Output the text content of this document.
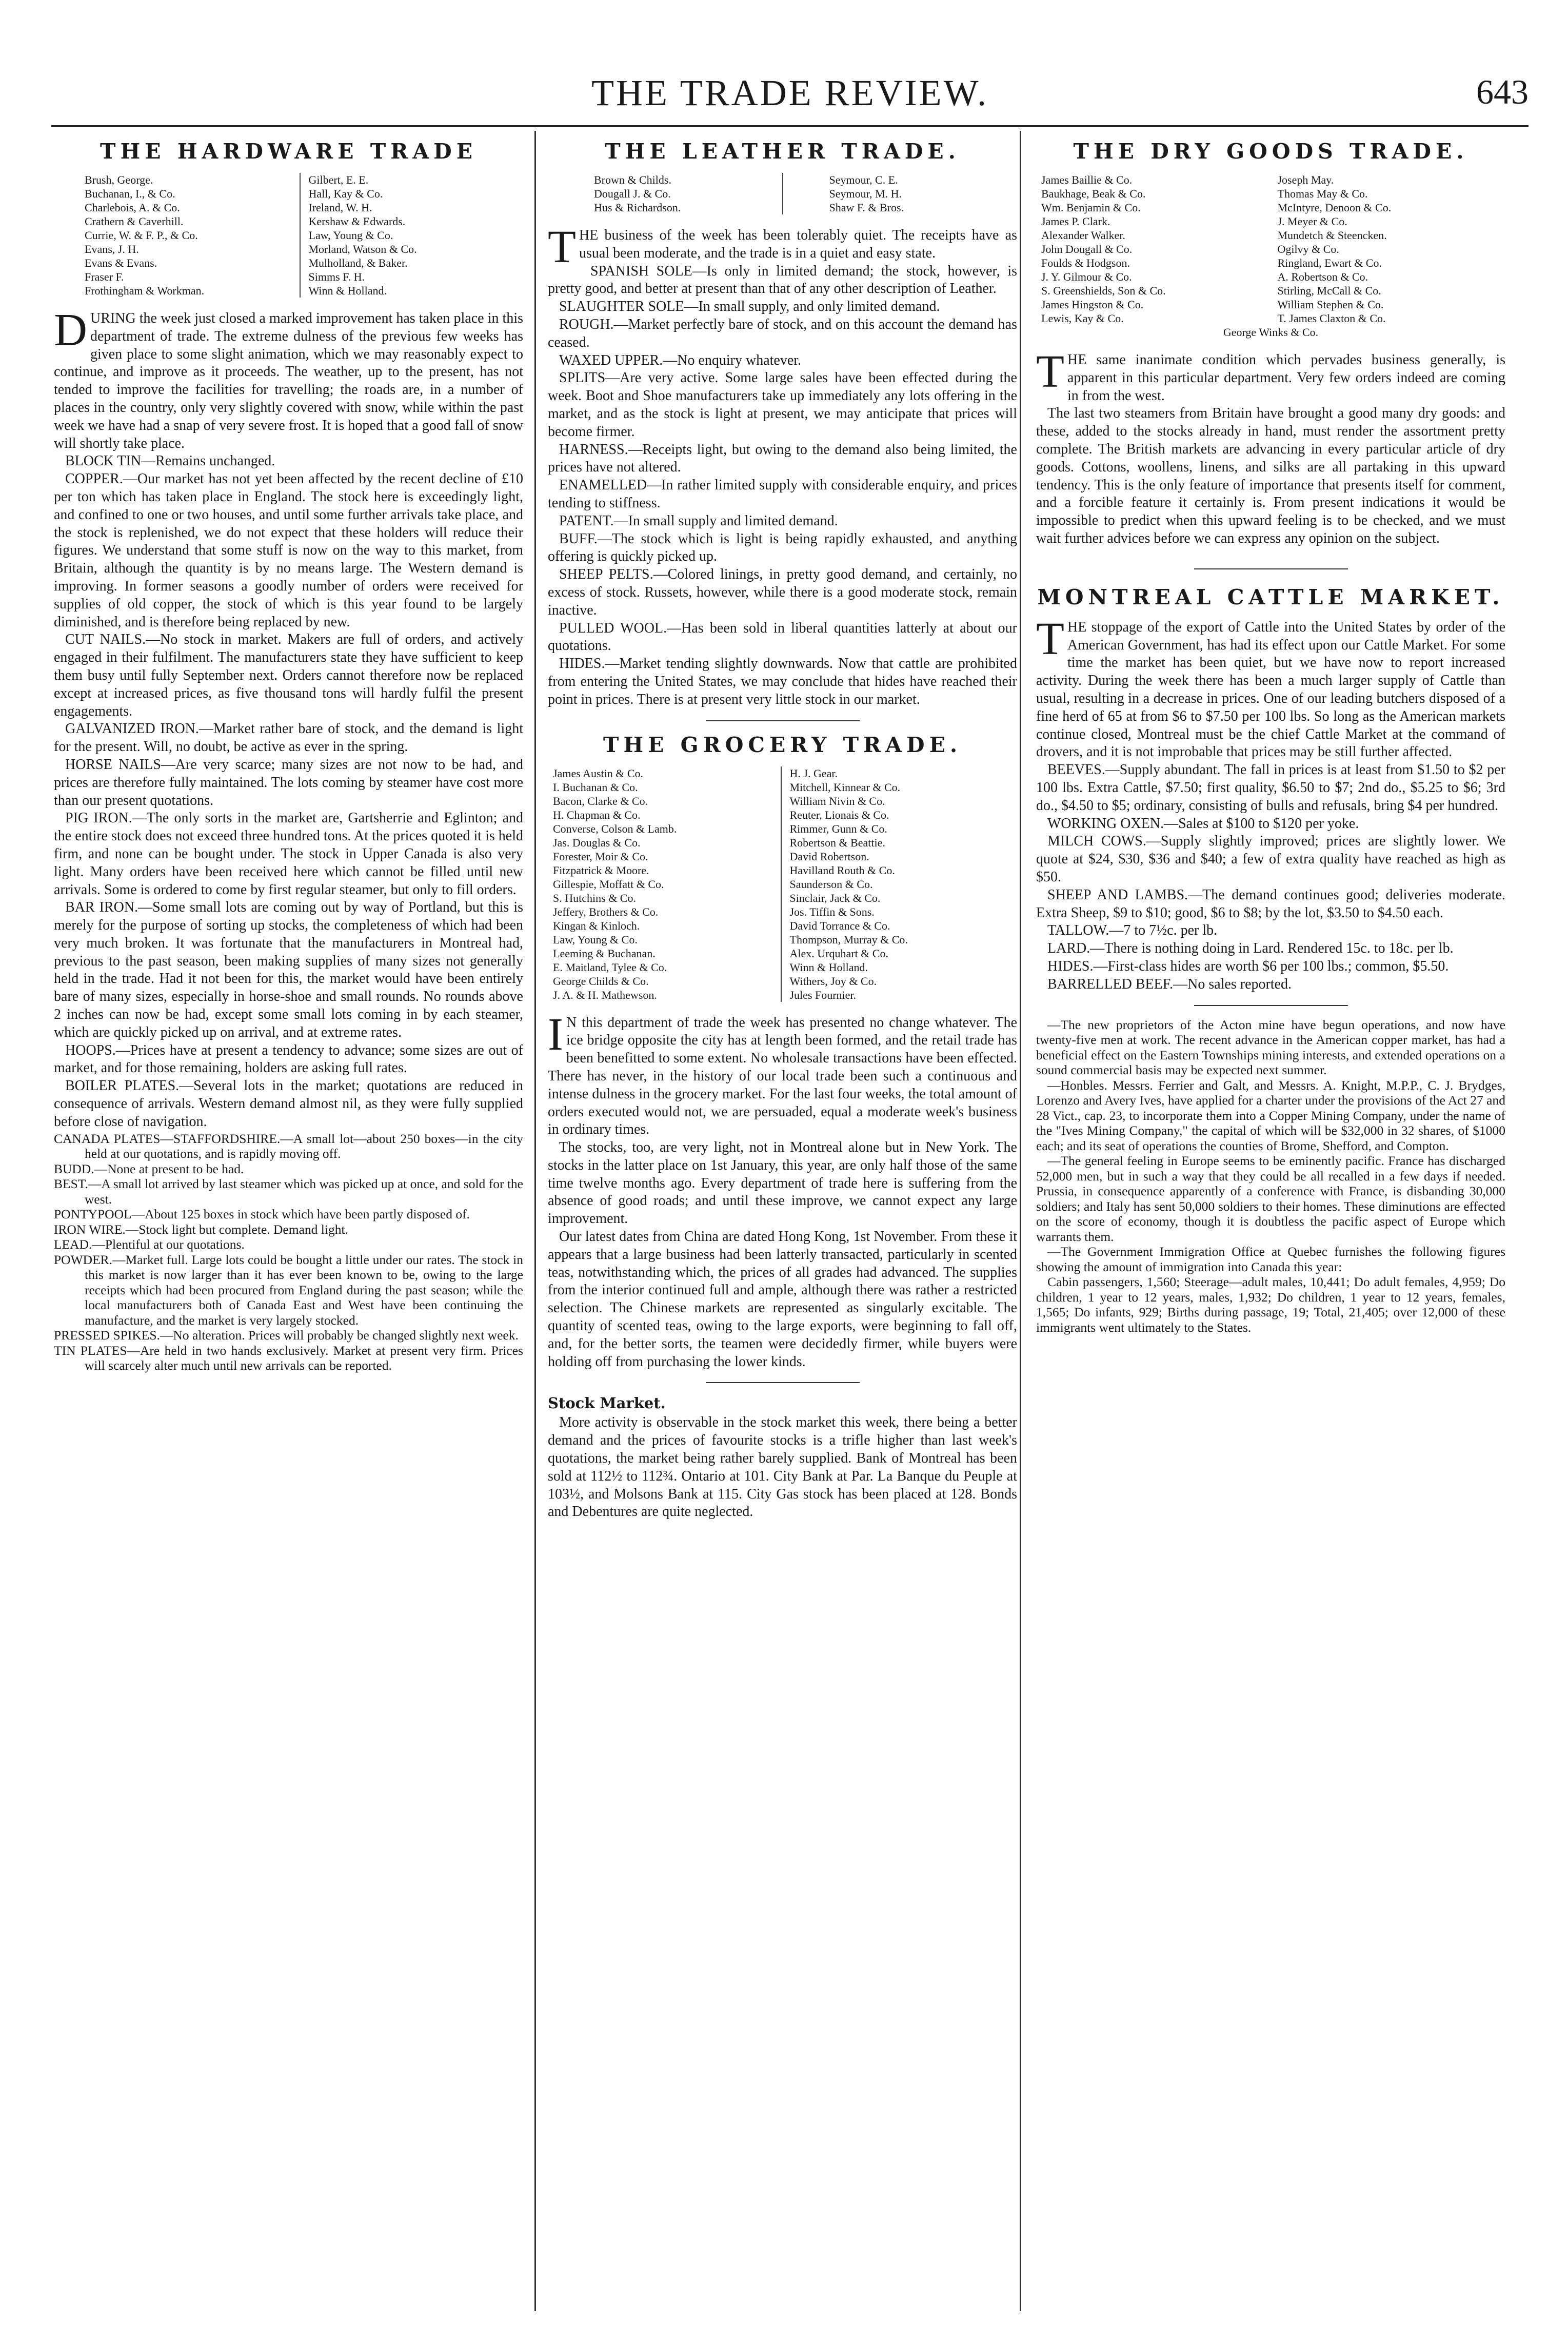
THE TRADE REVIEW.	643
THE HARDWARE TRADE
Brush, George.
Buchanan, I., & Co.
Charlebois, A. & Co.
Crathern & Caverhill.
Currie, W. & F. P., & Co.
Evans, J. H.
Evans & Evans.
Fraser F.
Frothingham & Workman.
Gilbert, E. E.
Hall, Kay & Co.
Ireland, W. H.
Kershaw & Edwards.
Law, Young & Co.
Morland, Watson & Co.
Mulholland, & Baker.
Simms F. H.
Winn & Holland.

DURING the week just closed a marked improvement has taken place in this department of trade. The extreme dulness of the previous few weeks has given place to some slight animation, which we may reasonably expect to continue, and improve as it proceeds. The weather, up to the present, has not tended to improve the facilities for travelling; the roads are, in a number of places in the country, only very slightly covered with snow, while within the past week we have had a snap of very severe frost. It is hoped that a good fall of snow will shortly take place.

BLOCK TIN—Remains unchanged.

COPPER.—Our market has not yet been affected by the recent decline of £10 per ton which has taken place in England. The stock here is exceedingly light, and confined to one or two houses, and until some further arrivals take place, and the stock is replenished, we do not expect that these holders will reduce their figures. We understand that some stuff is now on the way to this market, from Britain, although the quantity is by no means large. The Western demand is improving. In former seasons a goodly number of orders were received for supplies of old copper, the stock of which is this year found to be largely diminished, and is therefore being replaced by new.

CUT NAILS.—No stock in market. Makers are full of orders, and actively engaged in their fulfilment. The manufacturers state they have sufficient to keep them busy until fully September next. Orders cannot therefore now be replaced except at increased prices, as five thousand tons will hardly fulfil the present engagements.

GALVANIZED IRON.—Market rather bare of stock, and the demand is light for the present. Will, no doubt, be active as ever in the spring.

HORSE NAILS—Are very scarce; many sizes are not now to be had, and prices are therefore fully maintained. The lots coming by steamer have cost more than our present quotations.

PIG IRON.—The only sorts in the market are, Gartsherrie and Eglinton; and the entire stock does not exceed three hundred tons. At the prices quoted it is held firm, and none can be bought under. The stock in Upper Canada is also very light. Many orders have been received here which cannot be filled until new arrivals. Some is ordered to come by first regular steamer, but only to fill orders.

BAR IRON.—Some small lots are coming out by way of Portland, but this is merely for the purpose of sorting up stocks, the completeness of which had been very much broken. It was fortunate that the manufacturers in Montreal had, previous to the past season, been making supplies of many sizes not generally held in the trade. Had it not been for this, the market would have been entirely bare of many sizes, especially in horse-shoe and small rounds. No rounds above 2 inches can now be had, except some small lots coming in by each steamer, which are quickly picked up on arrival, and at extreme rates.

HOOPS.—Prices have at present a tendency to advance; some sizes are out of market, and for those remaining, holders are asking full rates.

BOILER PLATES.—Several lots in the market; quotations are reduced in consequence of arrivals. Western demand almost nil, as they were fully supplied before close of navigation.

CANADA PLATES—STAFFORDSHIRE.—A small lot—about 250 boxes—in the city held at our quotations, and is rapidly moving off.

BUDD.—None at present to be had.

BEST.—A small lot arrived by last steamer which was picked up at once, and sold for the west.

PONTYPOOL—About 125 boxes in stock which have been partly disposed of.

IRON WIRE.—Stock light but complete. Demand light.

LEAD.—Plentiful at our quotations.

POWDER.—Market full. Large lots could be bought a little under our rates. The stock in this market is now larger than it has ever been known to be, owing to the large receipts which had been procured from England during the past season; while the local manufacturers both of Canada East and West have been continuing the manufacture, and the market is very largely stocked.

PRESSED SPIKES.—No alteration. Prices will probably be changed slightly next week.

TIN PLATES—Are held in two hands exclusively. Market at present very firm. Prices will scarcely alter much until new arrivals can be reported.

THE LEATHER TRADE.
Brown & Childs.
Dougall J. & Co.
Hus & Richardson.
Seymour, C. E.
Seymour, M. H.
Shaw F. & Bros.

THE business of the week has been tolerably quiet. The receipts have as usual been moderate, and the trade is in a quiet and easy state.

SPANISH SOLE—Is only in limited demand; the stock, however, is pretty good, and better at present than that of any other description of Leather.

SLAUGHTER SOLE—In small supply, and only limited demand.

ROUGH.—Market perfectly bare of stock, and on this account the demand has ceased.

WAXED UPPER.—No enquiry whatever.

SPLITS—Are very active. Some large sales have been effected during the week. Boot and Shoe manufacturers take up immediately any lots offering in the market, and as the stock is light at present, we may anticipate that prices will become firmer.

HARNESS.—Receipts light, but owing to the demand also being limited, the prices have not altered.

ENAMELLED—In rather limited supply with considerable enquiry, and prices tending to stiffness.

PATENT.—In small supply and limited demand.

BUFF.—The stock which is light is being rapidly exhausted, and anything offering is quickly picked up.

SHEEP PELTS.—Colored linings, in pretty good demand, and certainly, no excess of stock. Russets, however, while there is a good moderate stock, remain inactive.

PULLED WOOL.—Has been sold in liberal quantities latterly at about our quotations.

HIDES.—Market tending slightly downwards. Now that cattle are prohibited from entering the United States, we may conclude that hides have reached their point in prices. There is at present very little stock in our market.

THE GROCERY TRADE.
James Austin & Co.
I. Buchanan & Co.
Bacon, Clarke & Co.
H. Chapman & Co.
Converse, Colson & Lamb.
Jas. Douglas & Co.
Forester, Moir & Co.
Fitzpatrick & Moore.
Gillespie, Moffatt & Co.
S. Hutchins & Co.
Jeffery, Brothers & Co.
Kingan & Kinloch.
Law, Young & Co.
Leeming & Buchanan.
E. Maitland, Tylee & Co.
George Childs & Co.
J. A. & H. Mathewson.
H. J. Gear.
Mitchell, Kinnear & Co.
William Nivin & Co.
Reuter, Lionais & Co.
Rimmer, Gunn & Co.
Robertson & Beattie.
David Robertson.
Havilland Routh & Co.
Saunderson & Co.
Sinclair, Jack & Co.
Jos. Tiffin & Sons.
David Torrance & Co.
Thompson, Murray & Co.
Alex. Urquhart & Co.
Winn & Holland.
Withers, Joy & Co.
Jules Fournier.

IN this department of trade the week has presented no change whatever. The ice bridge opposite the city has at length been formed, and the retail trade has been benefitted to some extent. No wholesale transactions have been effected. There has never, in the history of our local trade been such a continuous and intense dulness in the grocery market. For the last four weeks, the total amount of orders executed would not, we are persuaded, equal a moderate week's business in ordinary times.

The stocks, too, are very light, not in Montreal alone but in New York. The stocks in the latter place on 1st January, this year, are only half those of the same time twelve months ago. Every department of trade here is suffering from the absence of good roads; and until these improve, we cannot expect any large improvement.

Our latest dates from China are dated Hong Kong, 1st November. From these it appears that a large business had been latterly transacted, particularly in scented teas, notwithstanding which, the prices of all grades had advanced. The supplies from the interior continued full and ample, although there was rather a restricted selection. The Chinese markets are represented as singularly excitable. The quantity of scented teas, owing to the large exports, were beginning to fall off, and, for the better sorts, the teamen were decidedly firmer, while buyers were holding off from purchasing the lower kinds.

Stock Market.

More activity is observable in the stock market this week, there being a better demand and the prices of favourite stocks is a trifle higher than last week's quotations, the market being rather barely supplied. Bank of Montreal has been sold at 112½ to 112¾. Ontario at 101. City Bank at Par. La Banque du Peuple at 103½, and Molsons Bank at 115. City Gas stock has been placed at 128. Bonds and Debentures are quite neglected.

THE DRY GOODS TRADE.
James Baillie & Co.
Baukhage, Beak & Co.
Wm. Benjamin & Co.
James P. Clark.
Alexander Walker.
John Dougall & Co.
Foulds & Hodgson.
J. Y. Gilmour & Co.
S. Greenshields, Son & Co.
James Hingston & Co.
Lewis, Kay & Co.
Joseph May.
Thomas May & Co.
McIntyre, Denoon & Co.
J. Meyer & Co.
Mundetch & Steencken.
Ogilvy & Co.
Ringland, Ewart & Co.
A. Robertson & Co.
Stirling, McCall & Co.
William Stephen & Co.
T. James Claxton & Co.
George Winks & Co.

THE same inanimate condition which pervades business generally, is apparent in this particular department. Very few orders indeed are coming in from the west.

The last two steamers from Britain have brought a good many dry goods: and these, added to the stocks already in hand, must render the assortment pretty complete. The British markets are advancing in every particular article of dry goods. Cottons, woollens, linens, and silks are all partaking in this upward tendency. This is the only feature of importance that presents itself for comment, and a forcible feature it certainly is. From present indications it would be impossible to predict when this upward feeling is to be checked, and we must wait further advices before we can express any opinion on the subject.

MONTREAL CATTLE MARKET.

THE stoppage of the export of Cattle into the United States by order of the American Government, has had its effect upon our Cattle Market. For some time the market has been quiet, but we have now to report increased activity. During the week there has been a much larger supply of Cattle than usual, resulting in a decrease in prices. One of our leading butchers disposed of a fine herd of 65 at from $6 to $7.50 per 100 lbs. So long as the American markets continue closed, Montreal must be the chief Cattle Market at the command of drovers, and it is not improbable that prices may be still further affected.

BEEVES.—Supply abundant. The fall in prices is at least from $1.50 to $2 per 100 lbs. Extra Cattle, $7.50; first quality, $6.50 to $7; 2nd do., $5.25 to $6; 3rd do., $4.50 to $5; ordinary, consisting of bulls and refusals, bring $4 per hundred.

WORKING OXEN.—Sales at $100 to $120 per yoke.

MILCH COWS.—Supply slightly improved; prices are slightly lower. We quote at $24, $30, $36 and $40; a few of extra quality have reached as high as $50.

SHEEP AND LAMBS.—The demand continues good; deliveries moderate. Extra Sheep, $9 to $10; good, $6 to $8; by the lot, $3.50 to $4.50 each.

TALLOW.—7 to 7½c. per lb.

LARD.—There is nothing doing in Lard. Rendered 15c. to 18c. per lb.

HIDES.—First-class hides are worth $6 per 100 lbs.; common, $5.50.

BARRELLED BEEF.—No sales reported.

—The new proprietors of the Acton mine have begun operations, and now have twenty-five men at work. The recent advance in the American copper market, has had a beneficial effect on the Eastern Townships mining interests, and extended operations on a sound commercial basis may be expected next summer.

—Honbles. Messrs. Ferrier and Galt, and Messrs. A. Knight, M.P.P., C. J. Brydges, Lorenzo and Avery Ives, have applied for a charter under the provisions of the Act 27 and 28 Vict., cap. 23, to incorporate them into a Copper Mining Company, under the name of the "Ives Mining Company," the capital of which will be $32,000 in 32 shares, of $1000 each; and its seat of operations the counties of Brome, Shefford, and Compton.

—The general feeling in Europe seems to be eminently pacific. France has discharged 52,000 men, but in such a way that they could be all recalled in a few days if needed. Prussia, in consequence apparently of a conference with France, is disbanding 30,000 soldiers; and Italy has sent 50,000 soldiers to their homes. These diminutions are effected on the score of economy, though it is doubtless the pacific aspect of Europe which warrants them.

—The Government Immigration Office at Quebec furnishes the following figures showing the amount of immigration into Canada this year:

Cabin passengers, 1,560; Steerage—adult males, 10,441; Do adult females, 4,959; Do children, 1 year to 12 years, males, 1,932; Do children, 1 year to 12 years, females, 1,565; Do infants, 929; Births during passage, 19; Total, 21,405; over 12,000 of these immigrants went ultimately to the States.
